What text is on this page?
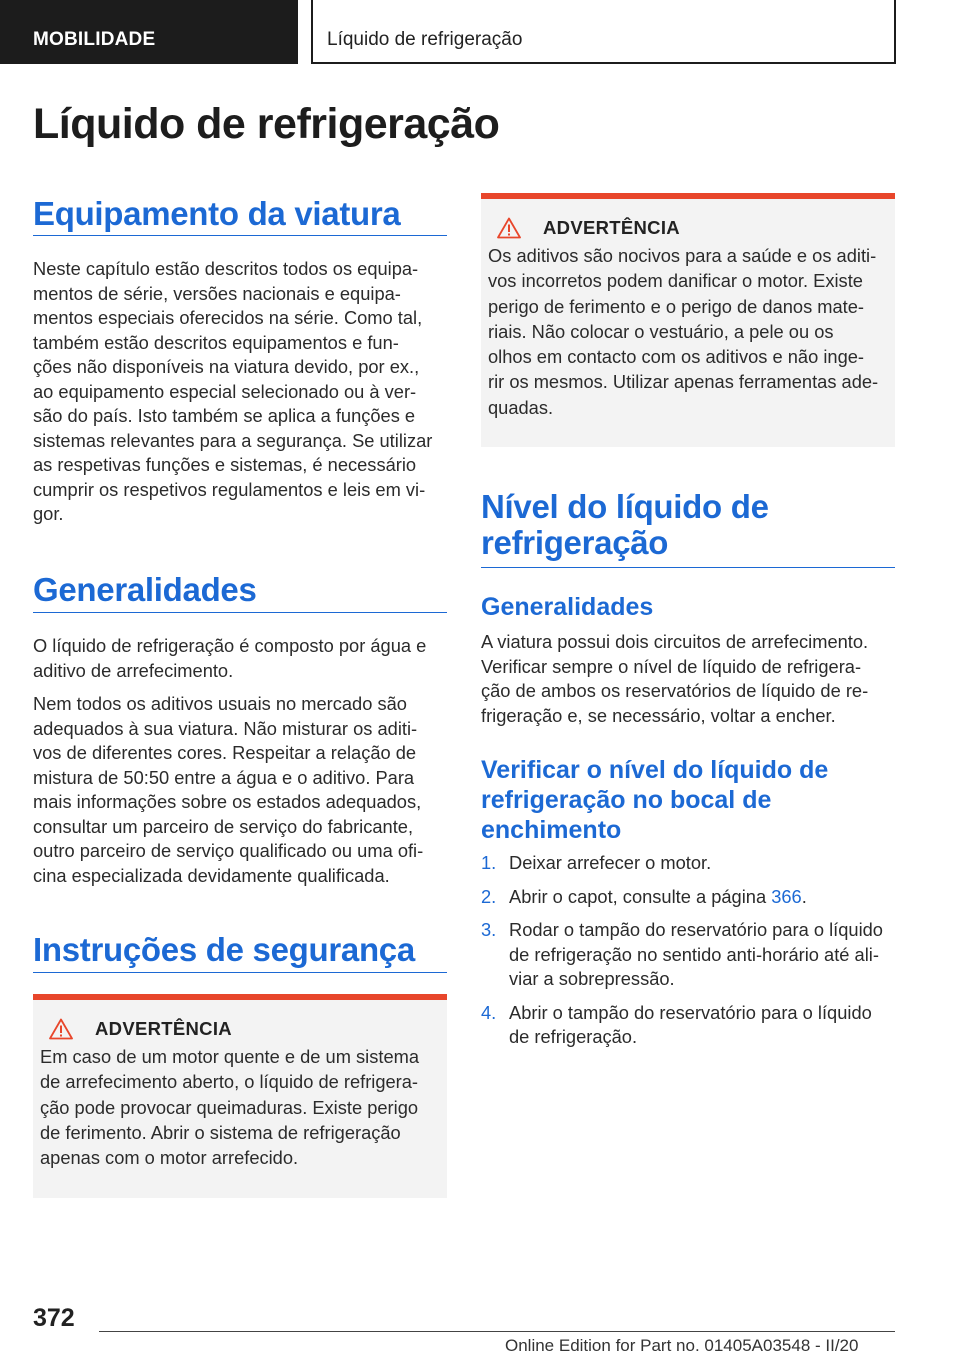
MOBILIDADE	Líquido de refrigeração
Líquido de refrigeração
Equipamento da viatura
Neste capítulo estão descritos todos os equipa-
mentos de série, versões nacionais e equipa-
mentos especiais oferecidos na série. Como tal,
também estão descritos equipamentos e fun-
ções não disponíveis na viatura devido, por ex.,
ao equipamento especial selecionado ou à ver-
são do país. Isto também se aplica a funções e
sistemas relevantes para a segurança. Se utilizar
as respetivas funções e sistemas, é necessário
cumprir os respetivos regulamentos e leis em vi-
gor.
Generalidades
O líquido de refrigeração é composto por água e
aditivo de arrefecimento.
Nem todos os aditivos usuais no mercado são
adequados à sua viatura. Não misturar os aditi-
vos de diferentes cores. Respeitar a relação de
mistura de 50:50 entre a água e o aditivo. Para
mais informações sobre os estados adequados,
consultar um parceiro de serviço do fabricante,
outro parceiro de serviço qualificado ou uma ofi-
cina especializada devidamente qualificada.
Instruções de segurança
ADVERTÊNCIA
Em caso de um motor quente e de um sistema
de arrefecimento aberto, o líquido de refrigera-
ção pode provocar queimaduras. Existe perigo
de ferimento. Abrir o sistema de refrigeração
apenas com o motor arrefecido.
ADVERTÊNCIA
Os aditivos são nocivos para a saúde e os aditi-
vos incorretos podem danificar o motor. Existe
perigo de ferimento e o perigo de danos mate-
riais. Não colocar o vestuário, a pele ou os
olhos em contacto com os aditivos e não inge-
rir os mesmos. Utilizar apenas ferramentas ade-
quadas.
Nível do líquido de
refrigeração
Generalidades
A viatura possui dois circuitos de arrefecimento.
Verificar sempre o nível de líquido de refrigera-
ção de ambos os reservatórios de líquido de re-
frigeração e, se necessário, voltar a encher.
Verificar o nível do líquido de
refrigeração no bocal de
enchimento
1. Deixar arrefecer o motor.
2. Abrir o capot, consulte a página 366.
3. Rodar o tampão do reservatório para o líquido
de refrigeração no sentido anti-horário até ali-
viar a sobrepressão.
4. Abrir o tampão do reservatório para o líquido
de refrigeração.
372
Online Edition for Part no. 01405A03548 - II/20
